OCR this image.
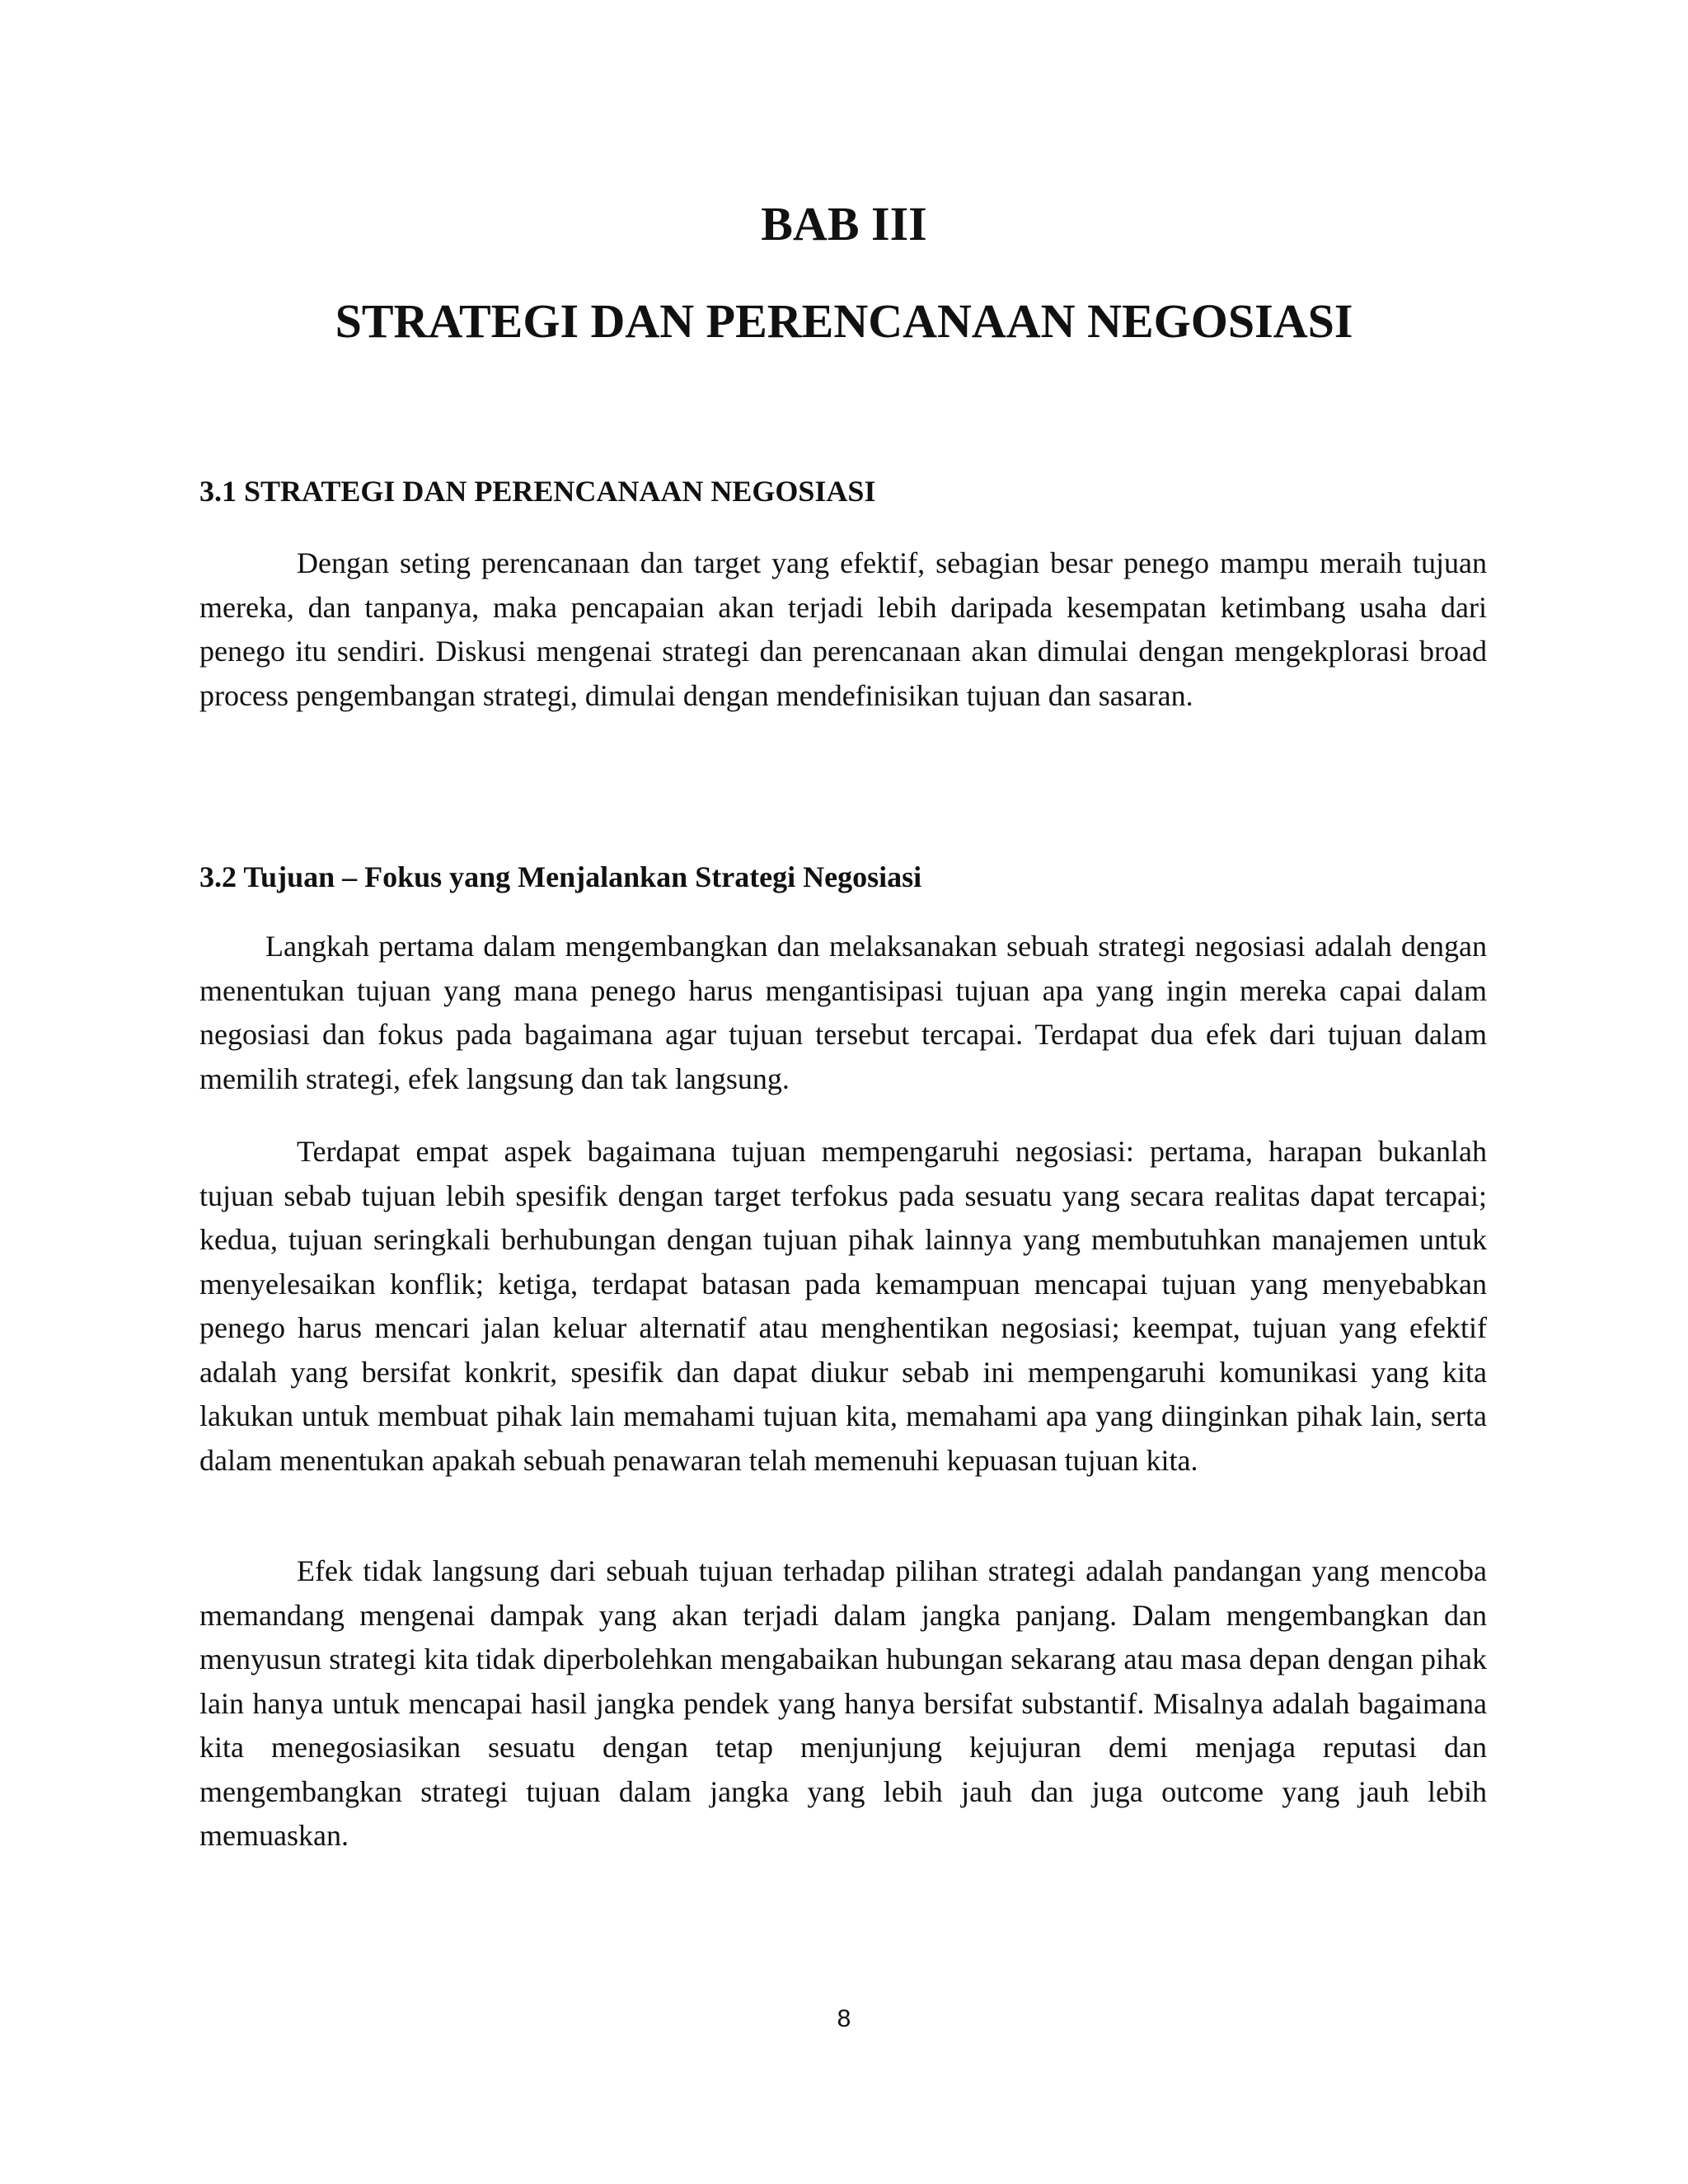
BAB III
STRATEGI DAN PERENCANAAN NEGOSIASI
3.1 STRATEGI DAN PERENCANAAN NEGOSIASI

Dengan seting perencanaan dan target yang efektif, sebagian besar penego mampu meraih tujuan mereka, dan tanpanya, maka pencapaian akan terjadi lebih daripada kesempatan ketimbang usaha dari penego itu sendiri. Diskusi mengenai strategi dan perencanaan akan dimulai dengan mengekplorasi broad process pengembangan strategi, dimulai dengan mendefinisikan tujuan dan sasaran.

3.2 Tujuan – Fokus yang Menjalankan Strategi Negosiasi

Langkah pertama dalam mengembangkan dan melaksanakan sebuah strategi negosiasi adalah dengan menentukan tujuan yang mana penego harus mengantisipasi tujuan apa yang ingin mereka capai dalam negosiasi dan fokus pada bagaimana agar tujuan tersebut tercapai. Terdapat dua efek dari tujuan dalam memilih strategi, efek langsung dan tak langsung.

Terdapat empat aspek bagaimana tujuan mempengaruhi negosiasi: pertama, harapan bukanlah tujuan sebab tujuan lebih spesifik dengan target terfokus pada sesuatu yang secara realitas dapat tercapai; kedua, tujuan seringkali berhubungan dengan tujuan pihak lainnya yang membutuhkan manajemen untuk menyelesaikan konflik; ketiga, terdapat batasan pada kemampuan mencapai tujuan yang menyebabkan penego harus mencari jalan keluar alternatif atau menghentikan negosiasi; keempat, tujuan yang efektif adalah yang bersifat konkrit, spesifik dan dapat diukur sebab ini mempengaruhi komunikasi yang kita lakukan untuk membuat pihak lain memahami tujuan kita, memahami apa yang diinginkan pihak lain, serta dalam menentukan apakah sebuah penawaran telah memenuhi kepuasan tujuan kita.

Efek tidak langsung dari sebuah tujuan terhadap pilihan strategi adalah pandangan yang mencoba memandang mengenai dampak yang akan terjadi dalam jangka panjang. Dalam mengembangkan dan menyusun strategi kita tidak diperbolehkan mengabaikan hubungan sekarang atau masa depan dengan pihak lain hanya untuk mencapai hasil jangka pendek yang hanya bersifat substantif. Misalnya adalah bagaimana kita menegosiasikan sesuatu dengan tetap menjunjung kejujuran demi menjaga reputasi dan mengembangkan strategi tujuan dalam jangka yang lebih jauh dan juga outcome yang jauh lebih memuaskan.

8
